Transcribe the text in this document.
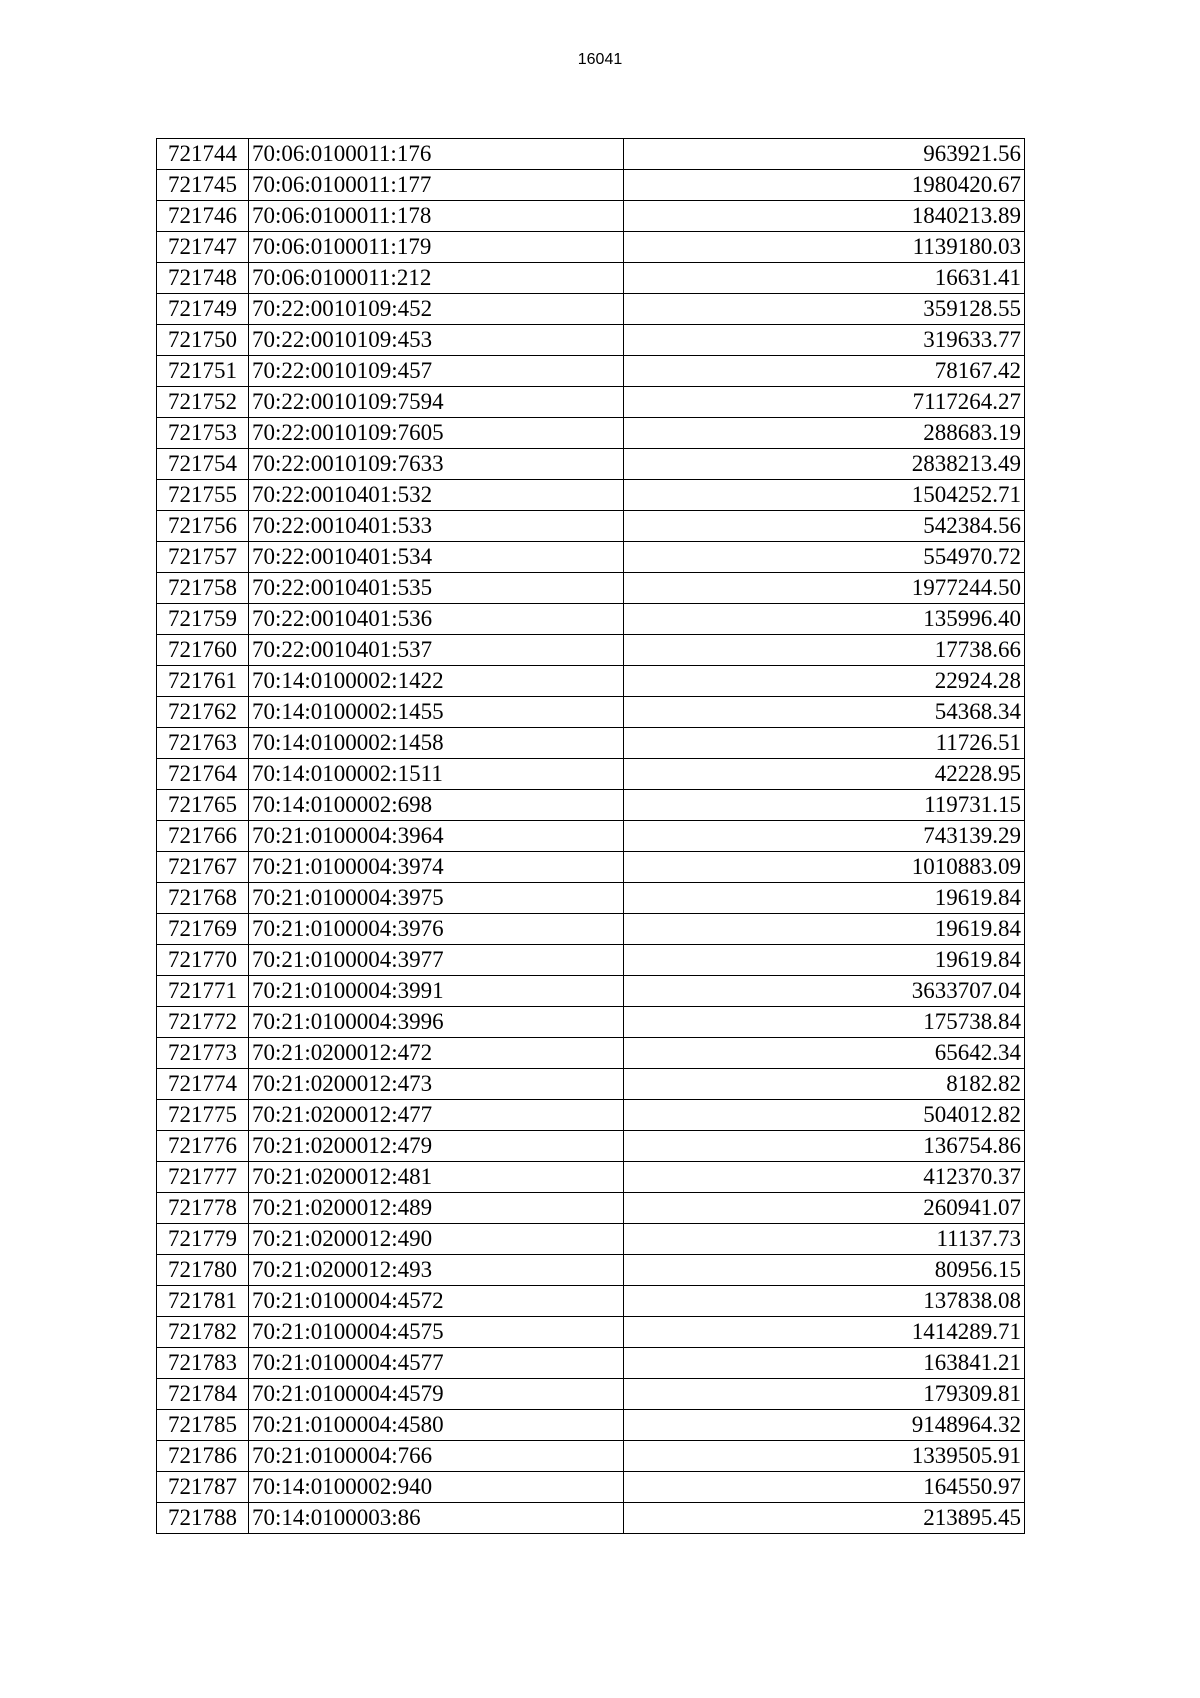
16041
721744	70:06:0100011:176	963921.56
721745	70:06:0100011:177	1980420.67
721746	70:06:0100011:178	1840213.89
721747	70:06:0100011:179	1139180.03
721748	70:06:0100011:212	16631.41
721749	70:22:0010109:452	359128.55
721750	70:22:0010109:453	319633.77
721751	70:22:0010109:457	78167.42
721752	70:22:0010109:7594	7117264.27
721753	70:22:0010109:7605	288683.19
721754	70:22:0010109:7633	2838213.49
721755	70:22:0010401:532	1504252.71
721756	70:22:0010401:533	542384.56
721757	70:22:0010401:534	554970.72
721758	70:22:0010401:535	1977244.50
721759	70:22:0010401:536	135996.40
721760	70:22:0010401:537	17738.66
721761	70:14:0100002:1422	22924.28
721762	70:14:0100002:1455	54368.34
721763	70:14:0100002:1458	11726.51
721764	70:14:0100002:1511	42228.95
721765	70:14:0100002:698	119731.15
721766	70:21:0100004:3964	743139.29
721767	70:21:0100004:3974	1010883.09
721768	70:21:0100004:3975	19619.84
721769	70:21:0100004:3976	19619.84
721770	70:21:0100004:3977	19619.84
721771	70:21:0100004:3991	3633707.04
721772	70:21:0100004:3996	175738.84
721773	70:21:0200012:472	65642.34
721774	70:21:0200012:473	8182.82
721775	70:21:0200012:477	504012.82
721776	70:21:0200012:479	136754.86
721777	70:21:0200012:481	412370.37
721778	70:21:0200012:489	260941.07
721779	70:21:0200012:490	11137.73
721780	70:21:0200012:493	80956.15
721781	70:21:0100004:4572	137838.08
721782	70:21:0100004:4575	1414289.71
721783	70:21:0100004:4577	163841.21
721784	70:21:0100004:4579	179309.81
721785	70:21:0100004:4580	9148964.32
721786	70:21:0100004:766	1339505.91
721787	70:14:0100002:940	164550.97
721788	70:14:0100003:86	213895.45
